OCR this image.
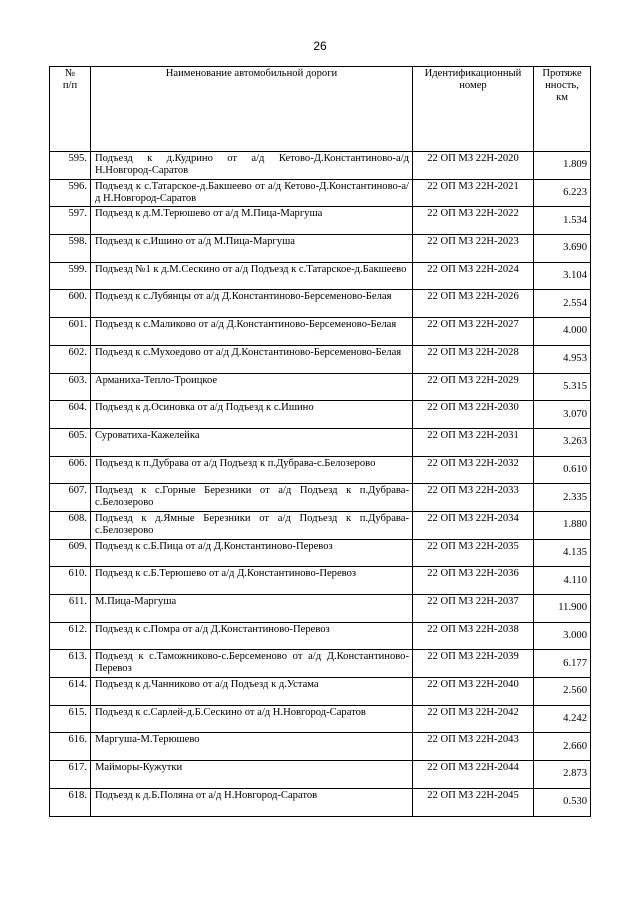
26
№
п/п	Наименование автомобильной дороги	Идентификационный номер	Протяже
нность,
км
595.	Подъезд к д.Кудрино от а/д Кетово-Д.Константиново-а/д Н.Новгород-Саратов	22 ОП МЗ 22Н-2020	1.809
596.	Подъезд к с.Татарское-д.Бакшеево от а/д Кетово-Д.Константиново-а/д Н.Новгород-Саратов	22 ОП МЗ 22Н-2021	6.223
597.	Подъезд к д.М.Терюшево от а/д М.Пица-Маргуша	22 ОП МЗ 22Н-2022	1.534
598.	Подъезд к с.Ишино от а/д М.Пица-Маргуша	22 ОП МЗ 22Н-2023	3.690
599.	Подъезд №1 к д.М.Сескино от а/д Подъезд к с.Татарское-д.Бакшеево	22 ОП МЗ 22Н-2024	3.104
600.	Подъезд к с.Лубянцы от а/д Д.Константиново-Берсеменово-Белая	22 ОП МЗ 22Н-2026	2.554
601.	Подъезд к с.Маликово от а/д Д.Константиново-Берсеменово-Белая	22 ОП МЗ 22Н-2027	4.000
602.	Подъезд к с.Мухоедово от а/д Д.Константиново-Берсеменово-Белая	22 ОП МЗ 22Н-2028	4.953
603.	Арманиха-Тепло-Троицкое	22 ОП МЗ 22Н-2029	5.315
604.	Подъезд к д.Осиновка от а/д Подъезд к с.Ишино	22 ОП МЗ 22Н-2030	3.070
605.	Суроватиха-Кажелейка	22 ОП МЗ 22Н-2031	3.263
606.	Подъезд к п.Дубрава от а/д Подъезд к п.Дубрава-с.Белозерово	22 ОП МЗ 22Н-2032	0.610
607.	Подъезд к с.Горные Березники от а/д Подъезд к п.Дубрава-с.Белозерово	22 ОП МЗ 22Н-2033	2.335
608.	Подъезд к д.Ямные Березники от а/д Подъезд к п.Дубрава-с.Белозерово	22 ОП МЗ 22Н-2034	1.880
609.	Подъезд к с.Б.Пица от а/д Д.Константиново-Перевоз	22 ОП МЗ 22Н-2035	4.135
610.	Подъезд к с.Б.Терюшево от а/д Д.Константиново-Перевоз	22 ОП МЗ 22Н-2036	4.110
611.	М.Пица-Маргуша	22 ОП МЗ 22Н-2037	11.900
612.	Подъезд к с.Помра от а/д Д.Константиново-Перевоз	22 ОП МЗ 22Н-2038	3.000
613.	Подъезд к с.Таможниково-с.Берсеменово от а/д Д.Константиново-Перевоз	22 ОП МЗ 22Н-2039	6.177
614.	Подъезд к д.Чанниково от а/д Подъезд к д.Устама	22 ОП МЗ 22Н-2040	2.560
615.	Подъезд к с.Сарлей-д.Б.Сескино от а/д Н.Новгород-Саратов	22 ОП МЗ 22Н-2042	4.242
616.	Маргуша-М.Терюшево	22 ОП МЗ 22Н-2043	2.660
617.	Майморы-Кужутки	22 ОП МЗ 22Н-2044	2.873
618.	Подъезд к д.Б.Поляна от а/д Н.Новгород-Саратов	22 ОП МЗ 22Н-2045	0.530
